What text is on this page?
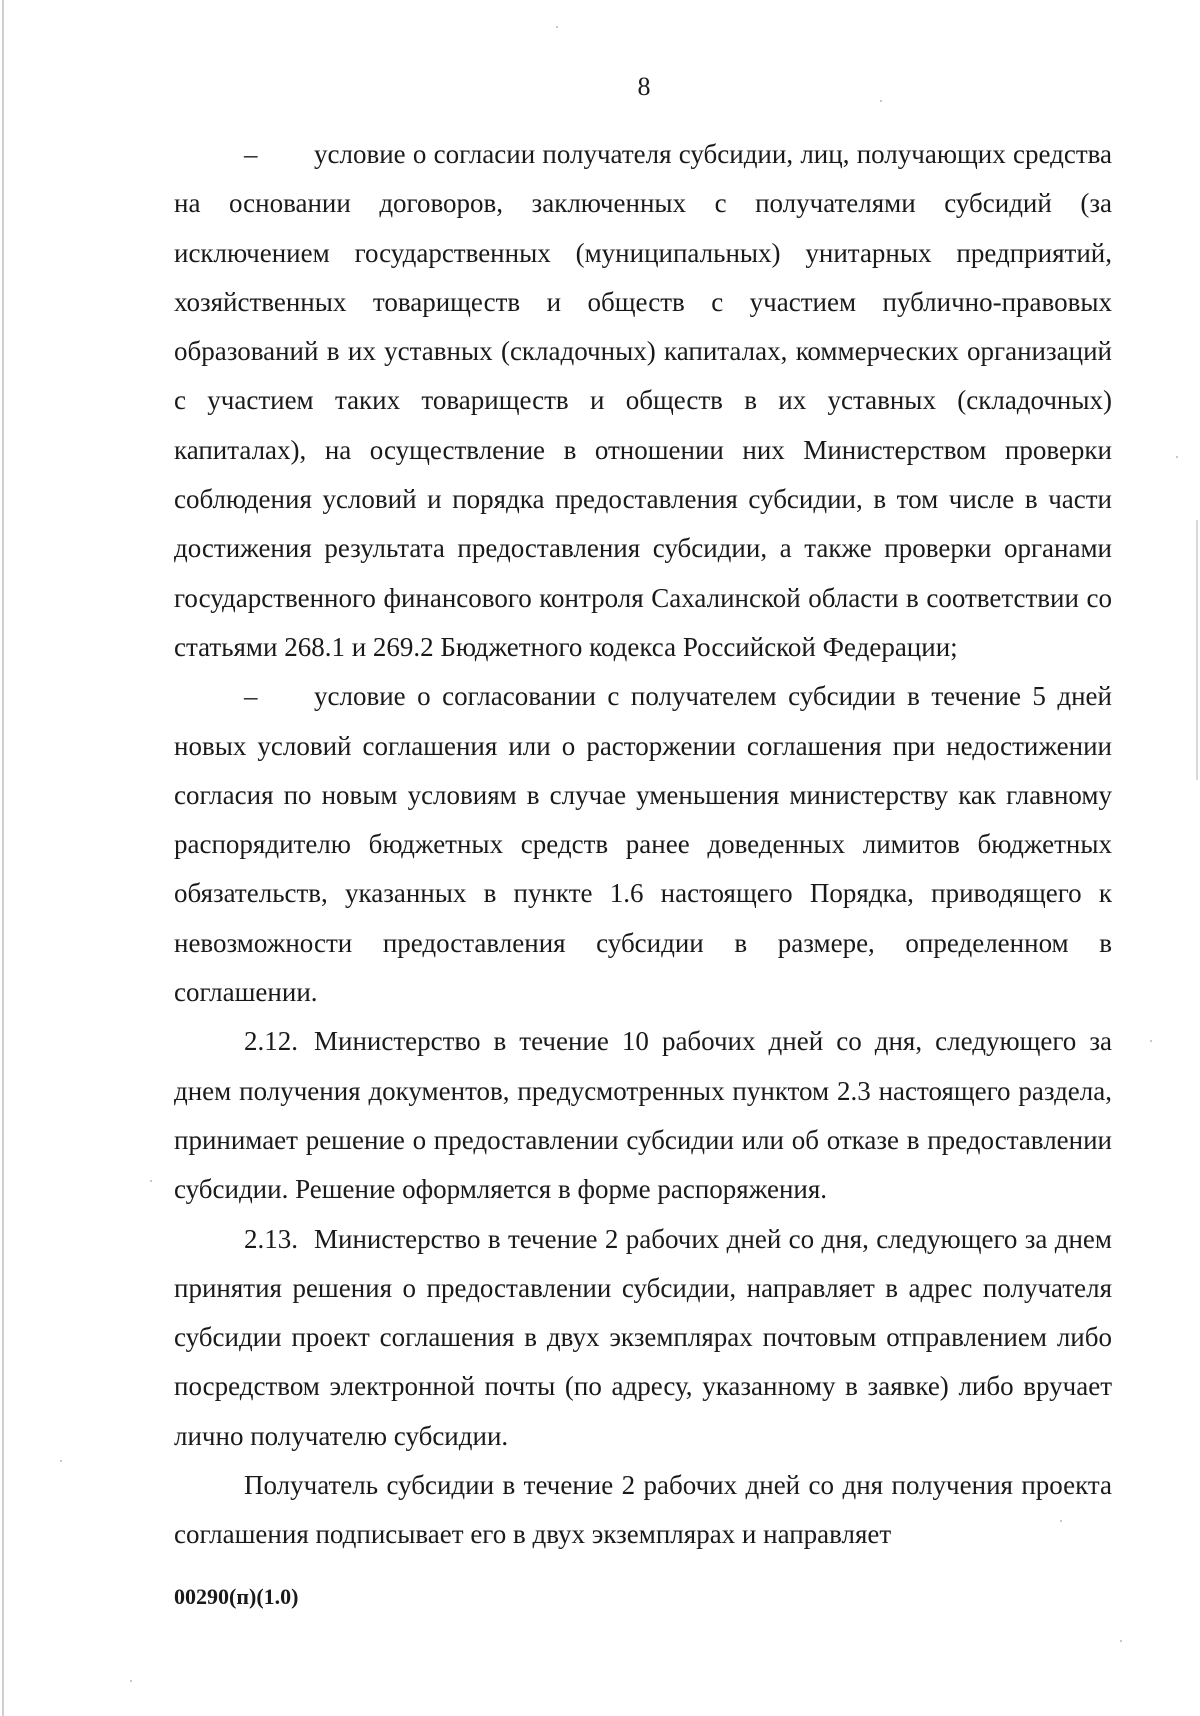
8

– условие о согласии получателя субсидии, лиц, получающих средства на основании договоров, заключенных с получателями субсидий (за исключением государственных (муниципальных) унитарных предприятий, хозяйственных товариществ и обществ с участием публично-правовых образований в их уставных (складочных) капиталах, коммерческих организаций с участием таких товариществ и обществ в их уставных (складочных) капиталах), на осуществление в отношении них Министерством проверки соблюдения условий и порядка предоставления субсидии, в том числе в части достижения результата предоставления субсидии, а также проверки органами государственного финансового контроля Сахалинской области в соответствии со статьями 268.1 и 269.2 Бюджетного кодекса Российской Федерации;

– условие о согласовании с получателем субсидии в течение 5 дней новых условий соглашения или о расторжении соглашения при недостижении согласия по новым условиям в случае уменьшения министерству как главному распорядителю бюджетных средств ранее доведенных лимитов бюджетных обязательств, указанных в пункте 1.6 настоящего Порядка, приводящего к невозможности предоставления субсидии в размере, определенном в соглашении.

2.12. Министерство в течение 10 рабочих дней со дня, следующего за днем получения документов, предусмотренных пунктом 2.3 настоящего раздела, принимает решение о предоставлении субсидии или об отказе в предоставлении субсидии. Решение оформляется в форме распоряжения.

2.13. Министерство в течение 2 рабочих дней со дня, следующего за днем принятия решения о предоставлении субсидии, направляет в адрес получателя субсидии проект соглашения в двух экземплярах почтовым отправлением либо посредством электронной почты (по адресу, указанному в заявке) либо вручает лично получателю субсидии.

Получатель субсидии в течение 2 рабочих дней со дня получения проекта соглашения подписывает его в двух экземплярах и направляет

00290(п)(1.0)
